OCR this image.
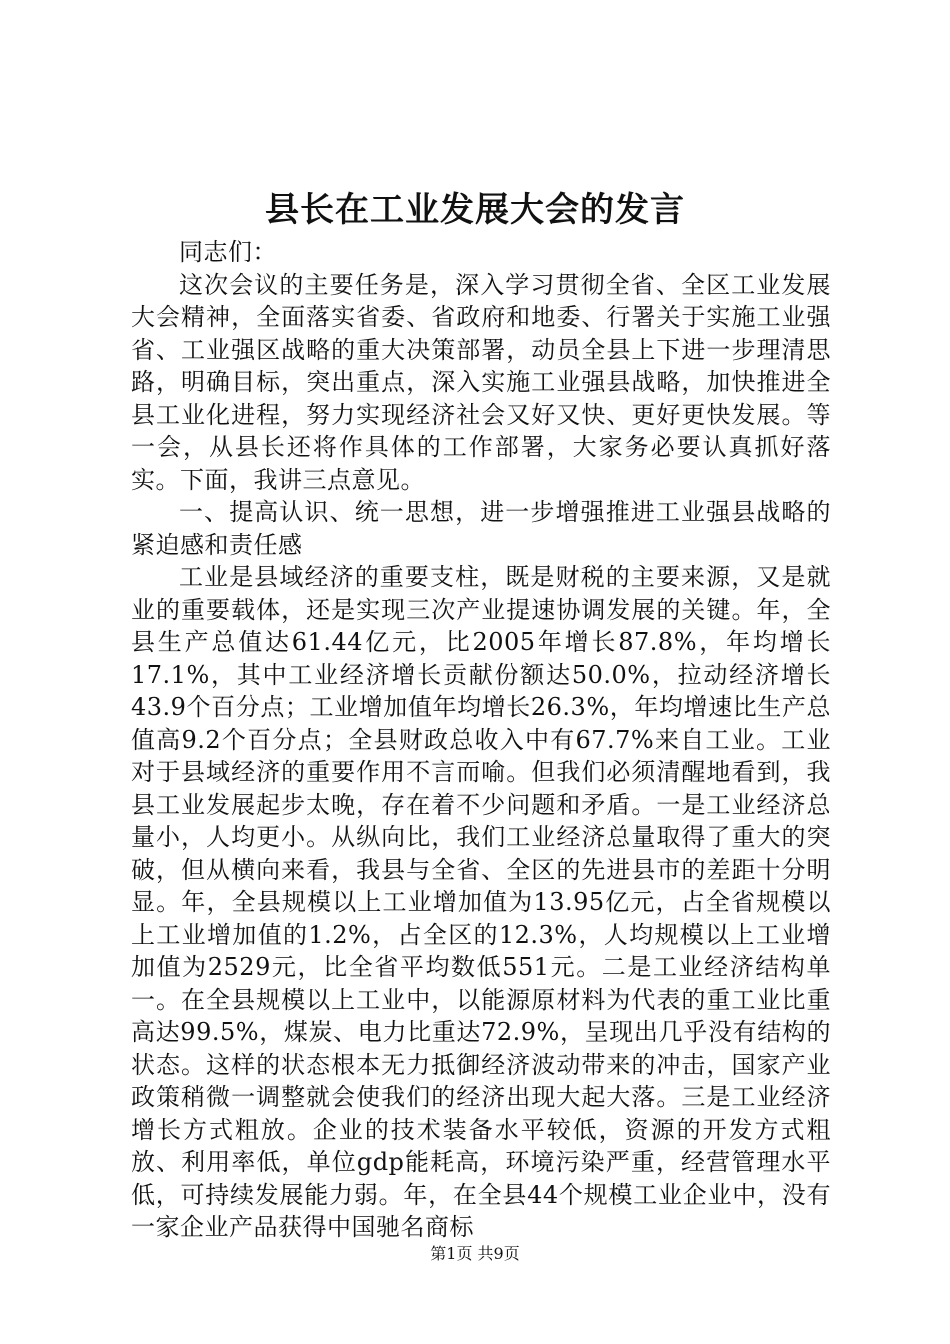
县长在工业发展大会的发言

同志们：

这次会议的主要任务是，深入学习贯彻全省、全区工业发展大会精神，全面落实省委、省政府和地委、行署关于实施工业强省、工业强区战略的重大决策部署，动员全县上下进一步理清思路，明确目标，突出重点，深入实施工业强县战略，加快推进全县工业化进程，努力实现经济社会又好又快、更好更快发展。等一会，从县长还将作具体的工作部署，大家务必要认真抓好落实。下面，我讲三点意见。

一、提高认识、统一思想，进一步增强推进工业强县战略的紧迫感和责任感

工业是县域经济的重要支柱，既是财税的主要来源，又是就业的重要载体，还是实现三次产业提速协调发展的关键。年，全县生产总值达61.44亿元，比2005年增长87.8%，年均增长17.1%，其中工业经济增长贡献份额达50.0%，拉动经济增长43.9个百分点；工业增加值年均增长26.3%，年均增速比生产总值高9.2个百分点；全县财政总收入中有67.7%来自工业。工业对于县域经济的重要作用不言而喻。但我们必须清醒地看到，我县工业发展起步太晚，存在着不少问题和矛盾。一是工业经济总量小，人均更小。从纵向比，我们工业经济总量取得了重大的突破，但从横向来看，我县与全省、全区的先进县市的差距十分明显。年，全县规模以上工业增加值为13.95亿元，占全省规模以上工业增加值的1.2%，占全区的12.3%，人均规模以上工业增加值为2529元，比全省平均数低551元。二是工业经济结构单一。在全县规模以上工业中，以能源原材料为代表的重工业比重高达99.5%，煤炭、电力比重达72.9%，呈现出几乎没有结构的状态。这样的状态根本无力抵御经济波动带来的冲击，国家产业政策稍微一调整就会使我们的经济出现大起大落。三是工业经济增长方式粗放。企业的技术装备水平较低，资源的开发方式粗放、利用率低，单位gdp能耗高，环境污染严重，经营管理水平低，可持续发展能力弱。年，在全县44个规模工业企业中，没有一家企业产品获得中国驰名商标

第1页 共9页
